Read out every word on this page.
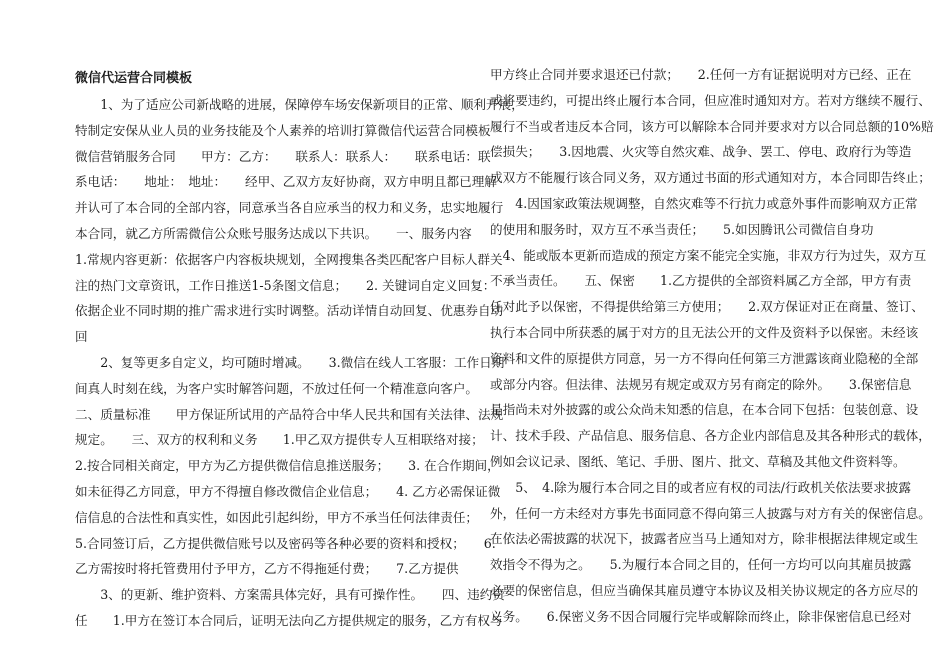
微信代运营合同模板
　　1、为了适应公司新战略的进展，保障停车场安保新项目的正常、顺利开展，
特制定安保从业人员的业务技能及个人素养的培训打算微信代运营合同模板
微信营销服务合同　　甲方：乙方：　　联系人：联系人：　　联系电话：联
系电话：　　地址：　地址：　　经甲、乙双方友好协商，双方申明且都已理解
并认可了本合同的全部内容，同意承当各自应承当的权力和义务，忠实地履行
本合同，就乙方所需微信公众账号服务达成以下共识。　　一、服务内容
1.常规内容更新：依据客户内容板块规划，全网搜集各类匹配客户目标人群关
注的热门文章资讯，工作日推送1-5条图文信息；　　2. 关键词自定义回复：
依据企业不同时期的推广需求进行实时调整。活动详情自动回复、优惠券自动
回
　　2、复等更多自定义，均可随时增减。　　3.微信在线人工客服：工作日期
间真人时刻在线，为客户实时解答问题，不放过任何一个精准意向客户。
二、质量标准　　甲方保证所试用的产品符合中华人民共和国有关法律、法规
规定。　　三、双方的权利和义务　　1.甲乙双方提供专人互相联络对接；
2.按合同相关商定，甲方为乙方提供微信信息推送服务；　　3. 在合作期间，
如未征得乙方同意，甲方不得擅自修改微信企业信息；　　4. 乙方必需保证微
信信息的合法性和真实性，如因此引起纠纷，甲方不承当任何法律责任；
5.合同签订后，乙方提供微信账号以及密码等各种必要的资料和授权；　　6.
乙方需按时将托管费用付予甲方，乙方不得拖延付费；　　7.乙方提供
　　3、的更新、维护资料、方案需具体完好，具有可操作性。　　四、违约责
任　　1.甲方在签订本合同后，证明无法向乙方提供规定的服务，乙方有权与
甲方终止合同并要求退还已付款；　　2.任何一方有证据说明对方已经、正在
或将要违约，可提出终止履行本合同，但应准时通知对方。若对方继续不履行、
履行不当或者违反本合同，该方可以解除本合同并要求对方以合同总额的10%赔
偿损失；　　3.因地震、火灾等自然灾难、战争、罢工、停电、政府行为等造
成双方不能履行该合同义务，双方通过书面的形式通知对方，本合同即告终止；
　　4.因国家政策法规调整，自然灾难等不行抗力或意外事件而影响双方正常
的使用和服务时，双方互不承当责任；　　5.如因腾讯公司微信自身功
　4、能或版本更新而造成的预定方案不能完全实施，非双方行为过失，双方互
不承当责任。　　五、保密　　1.乙方提供的全部资料属乙方全部，甲方有责
任对此予以保密，不得提供给第三方使用；　　2.双方保证对正在商量、签订、
执行本合同中所获悉的属于对方的且无法公开的文件及资料予以保密。未经该
资料和文件的原提供方同意，另一方不得向任何第三方泄露该商业隐秘的全部
或部分内容。但法律、法规另有规定或双方另有商定的除外。　　3.保密信息
是指尚未对外披露的或公众尚未知悉的信息，在本合同下包括：包装创意、设
计、技术手段、产品信息、服务信息、各方企业内部信息及其各种形式的载体，
例如会议记录、图纸、笔记、手册、图片、批文、草稿及其他文件资料等。
　　5、　4.除为履行本合同之目的或者应有权的司法/行政机关依法要求披露
外，任何一方未经对方事先书面同意不得向第三人披露与对方有关的保密信息。
在依法必需披露的状况下，披露者应当马上通知对方，除非根据法律规定或生
效指令不得为之。　　5.为履行本合同之目的，任何一方均可以向其雇员披露
必要的保密信息，但应当确保其雇员遵守本协议及相关协议规定的各方应尽的
义务。　　6.保密义务不因合同履行完毕或解除而终止，除非保密信息已经对
